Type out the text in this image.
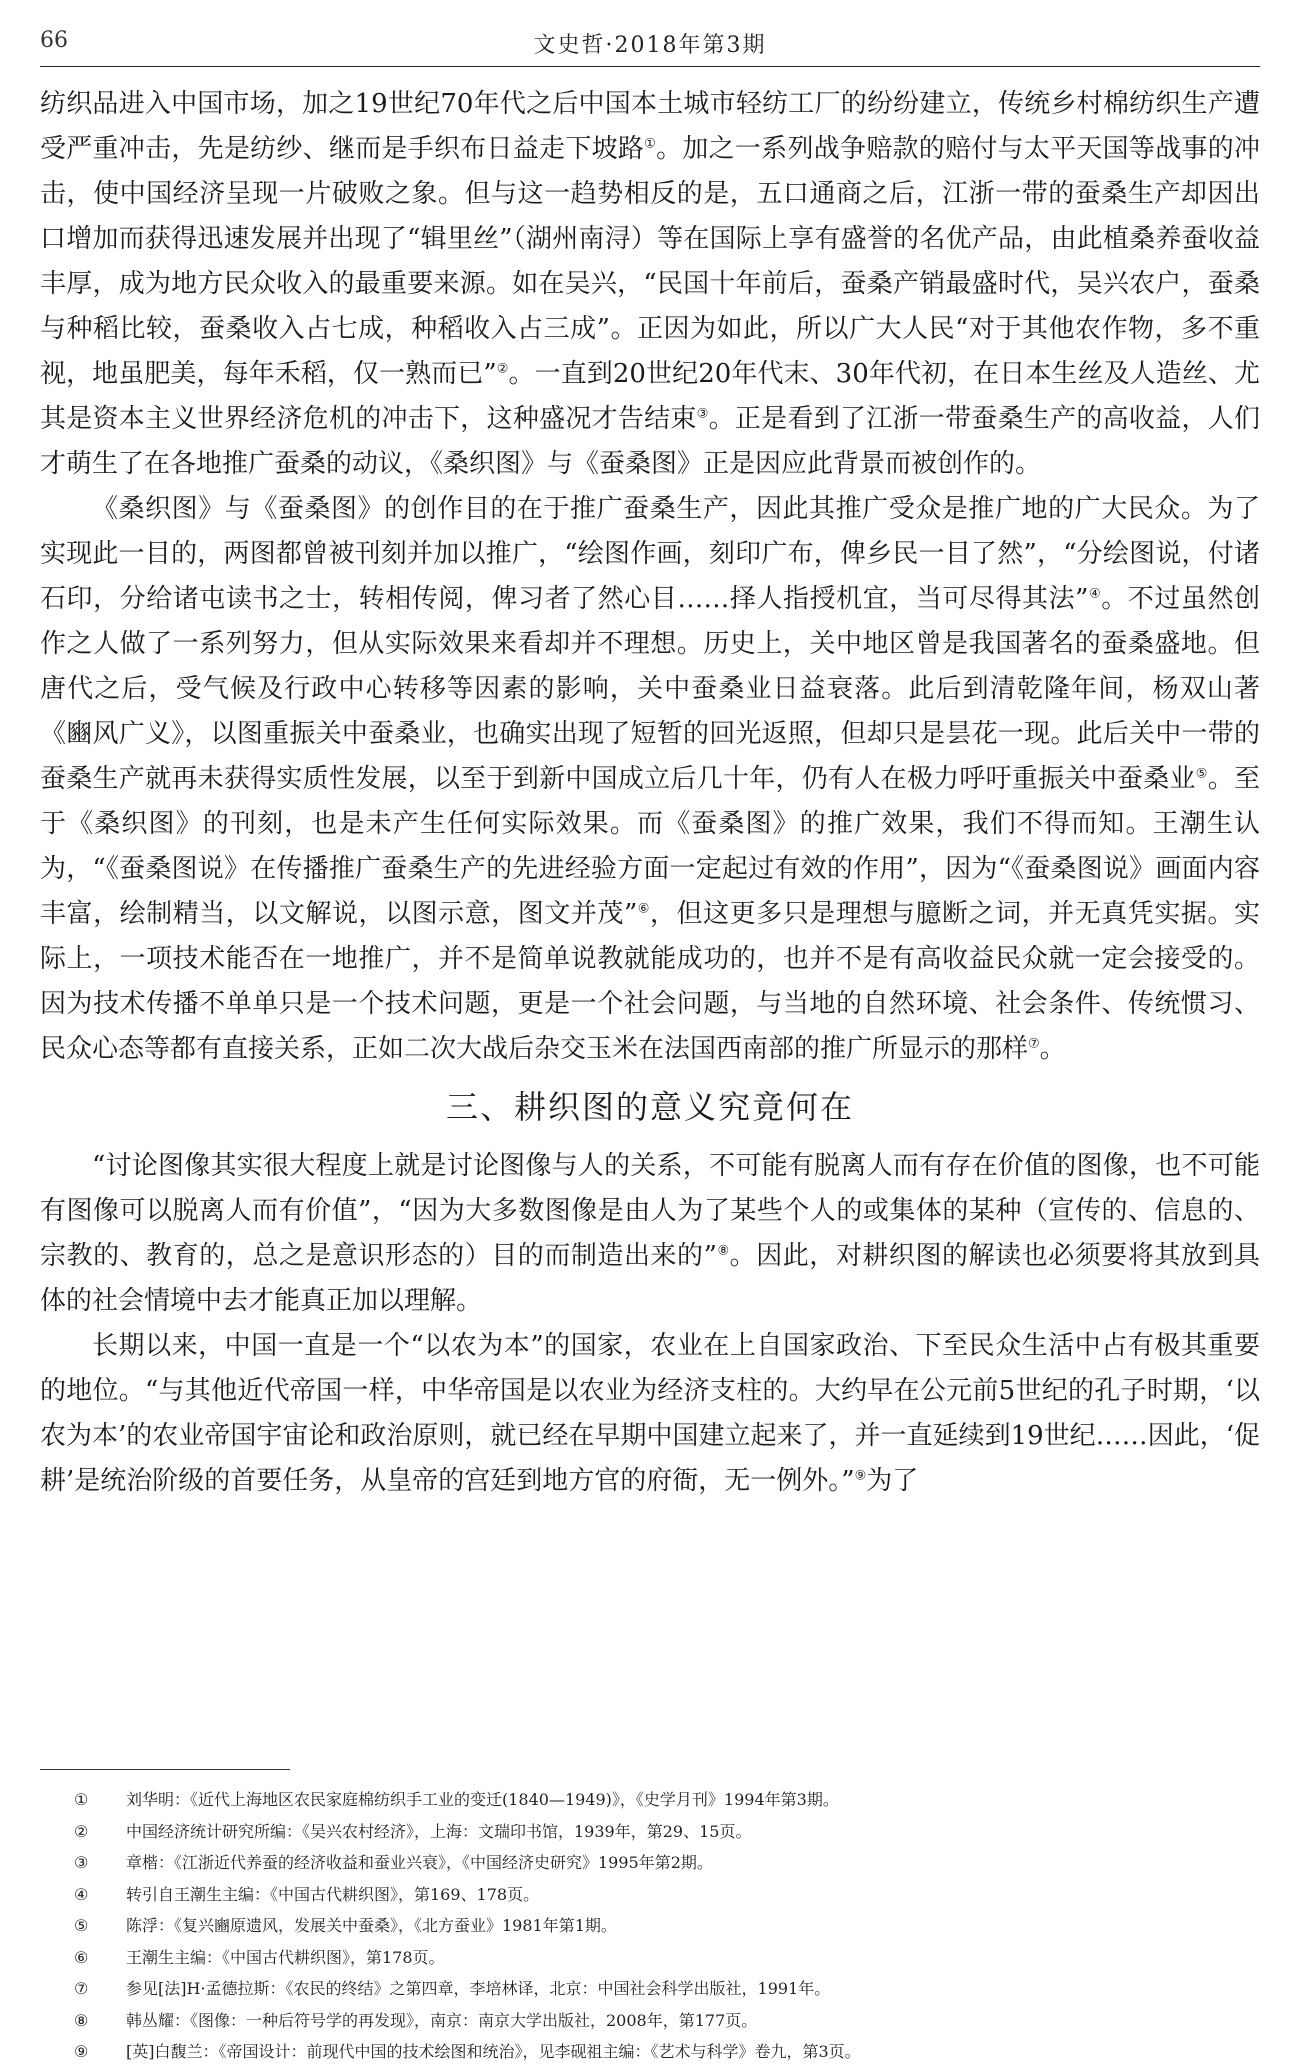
66	文史哲·2018年第3期

纺织品进入中国市场，加之19世纪70年代之后中国本土城市轻纺工厂的纷纷建立，传统乡村棉纺织生产遭受严重冲击，先是纺纱、继而是手织布日益走下坡路①。加之一系列战争赔款的赔付与太平天国等战事的冲击，使中国经济呈现一片破败之象。但与这一趋势相反的是，五口通商之后，江浙一带的蚕桑生产却因出口增加而获得迅速发展并出现了“辑里丝”（湖州南浔）等在国际上享有盛誉的名优产品，由此植桑养蚕收益丰厚，成为地方民众收入的最重要来源。如在吴兴，“民国十年前后，蚕桑产销最盛时代，吴兴农户，蚕桑与种稻比较，蚕桑收入占七成，种稻收入占三成”。正因为如此，所以广大人民“对于其他农作物，多不重视，地虽肥美，每年禾稻，仅一熟而已”②。一直到20世纪20年代末、30年代初，在日本生丝及人造丝、尤其是资本主义世界经济危机的冲击下，这种盛况才告结束③。正是看到了江浙一带蚕桑生产的高收益，人们才萌生了在各地推广蚕桑的动议，《桑织图》与《蚕桑图》正是因应此背景而被创作的。

《桑织图》与《蚕桑图》的创作目的在于推广蚕桑生产，因此其推广受众是推广地的广大民众。为了实现此一目的，两图都曾被刊刻并加以推广，“绘图作画，刻印广布，俾乡民一目了然”，“分绘图说，付诸石印，分给诸屯读书之士，转相传阅，俾习者了然心目……择人指授机宜，当可尽得其法”④。不过虽然创作之人做了一系列努力，但从实际效果来看却并不理想。历史上，关中地区曾是我国著名的蚕桑盛地。但唐代之后，受气候及行政中心转移等因素的影响，关中蚕桑业日益衰落。此后到清乾隆年间，杨双山著《豳风广义》，以图重振关中蚕桑业，也确实出现了短暂的回光返照，但却只是昙花一现。此后关中一带的蚕桑生产就再未获得实质性发展，以至于到新中国成立后几十年，仍有人在极力呼吁重振关中蚕桑业⑤。至于《桑织图》的刊刻，也是未产生任何实际效果。而《蚕桑图》的推广效果，我们不得而知。王潮生认为，“《蚕桑图说》在传播推广蚕桑生产的先进经验方面一定起过有效的作用”，因为“《蚕桑图说》画面内容丰富，绘制精当，以文解说，以图示意，图文并茂”⑥，但这更多只是理想与臆断之词，并无真凭实据。实际上，一项技术能否在一地推广，并不是简单说教就能成功的，也并不是有高收益民众就一定会接受的。因为技术传播不单单只是一个技术问题，更是一个社会问题，与当地的自然环境、社会条件、传统惯习、民众心态等都有直接关系，正如二次大战后杂交玉米在法国西南部的推广所显示的那样⑦。

三、耕织图的意义究竟何在

“讨论图像其实很大程度上就是讨论图像与人的关系，不可能有脱离人而有存在价值的图像，也不可能有图像可以脱离人而有价值”，“因为大多数图像是由人为了某些个人的或集体的某种（宣传的、信息的、宗教的、教育的，总之是意识形态的）目的而制造出来的”⑧。因此，对耕织图的解读也必须要将其放到具体的社会情境中去才能真正加以理解。

长期以来，中国一直是一个“以农为本”的国家，农业在上自国家政治、下至民众生活中占有极其重要的地位。“与其他近代帝国一样，中华帝国是以农业为经济支柱的。大约早在公元前5世纪的孔子时期，‘以农为本’的农业帝国宇宙论和政治原则，就已经在早期中国建立起来了，并一直延续到19世纪……因此，‘促耕’是统治阶级的首要任务，从皇帝的宫廷到地方官的府衙，无一例外。”⑨为了

① 刘华明：《近代上海地区农民家庭棉纺织手工业的变迁(1840—1949)》，《史学月刊》1994年第3期。
② 中国经济统计研究所编：《吴兴农村经济》，上海：文瑞印书馆，1939年，第29、15页。
③ 章楷：《江浙近代养蚕的经济收益和蚕业兴衰》，《中国经济史研究》1995年第2期。
④ 转引自王潮生主编：《中国古代耕织图》，第169、178页。
⑤ 陈浮：《复兴豳原遗风，发展关中蚕桑》，《北方蚕业》1981年第1期。
⑥ 王潮生主编：《中国古代耕织图》，第178页。
⑦ 参见[法]H·孟德拉斯：《农民的终结》之第四章，李培林译，北京：中国社会科学出版社，1991年。
⑧ 韩丛耀：《图像：一种后符号学的再发现》，南京：南京大学出版社，2008年，第177页。
⑨ [英]白馥兰：《帝国设计：前现代中国的技术绘图和统治》，见李砚祖主编：《艺术与科学》卷九，第3页。
